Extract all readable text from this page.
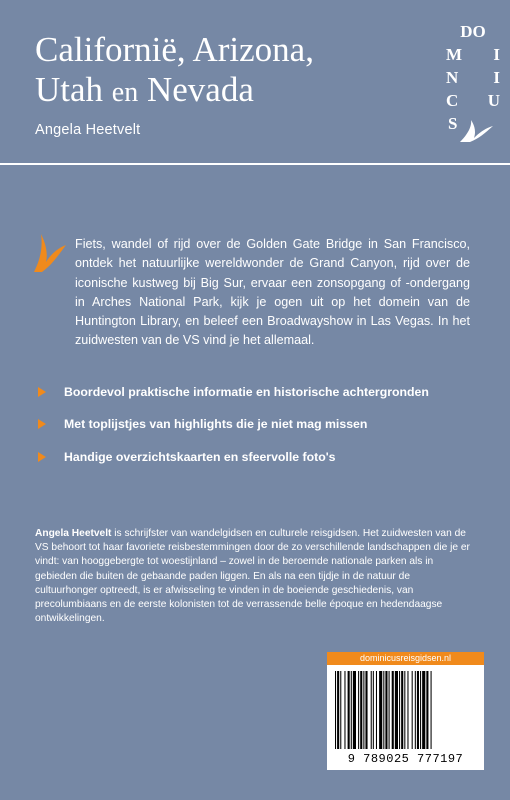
Californië, Arizona,
Utah en Nevada
Angela Heetvelt
DO
M I
N I
C U
S
Fiets, wandel of rijd over de Golden Gate Bridge in San Francisco, ontdek het natuurlijke wereldwonder de Grand Canyon, rijd over de iconische kustweg bij Big Sur, ervaar een zonsopgang of -ondergang in Arches National Park, kijk je ogen uit op het domein van de Huntington Library, en beleef een Broadwayshow in Las Vegas. In het zuidwesten van de VS vind je het allemaal.
Boordevol praktische informatie en historische achtergronden
Met toplijstjes van highlights die je niet mag missen
Handige overzichtskaarten en sfeervolle foto's
Angela Heetvelt is schrijfster van wandelgidsen en culturele reisgidsen. Het zuidwesten van de VS behoort tot haar favoriete reisbestemmingen door de zo verschillende landschappen die je er vindt: van hooggebergte tot woestijnland – zowel in de beroemde nationale parken als in gebieden die buiten de gebaande paden liggen. En als na een tijdje in de natuur de cultuurhonger optreedt, is er afwisseling te vinden in de boeiende geschiedenis, van precolumbiaans en de eerste kolonisten tot de verrassende belle époque en hedendaagse ontwikkelingen.
dominicusreisgidsen.nl
9 789025 777197
